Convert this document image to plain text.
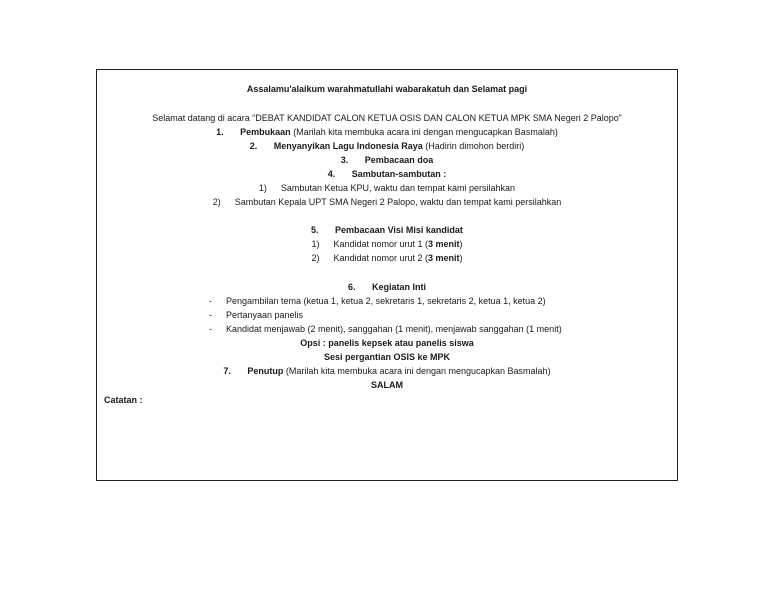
Assalamu'alaikum warahmatullahi wabarakatuh dan Selamat pagi
Selamat datang di acara “DEBAT KANDIDAT CALON KETUA OSIS DAN CALON KETUA MPK SMA Negeri 2 Palopo”
1. Pembukaan (Marilah kita membuka acara ini dengan mengucapkan Basmalah)
2. Menyanyikan Lagu Indonesia Raya (Hadirin dimohon berdiri)
3. Pembacaan doa
4. Sambutan-sambutan :
1) Sambutan Ketua KPU, waktu dan tempat kami persilahkan
2) Sambutan Kepala UPT SMA Negeri 2 Palopo, waktu dan tempat kami persilahkan
5. Pembacaan Visi Misi kandidat
1) Kandidat nomor urut 1 (3 menit)
2) Kandidat nomor urut 2 (3 menit)
6. Kegiatan Inti
- Pengambilan tema (ketua 1, ketua 2, sekretaris 1, sekretaris 2, ketua 1, ketua 2)
- Pertanyaan panelis
- Kandidat menjawab (2 menit), sanggahan (1 menit), menjawab sanggahan (1 menit)
Opsi : panelis kepsek atau panelis siswa
Sesi pergantian OSIS ke MPK
7. Penutup (Marilah kita membuka acara ini dengan mengucapkan Basmalah)
SALAM
Catatan :
